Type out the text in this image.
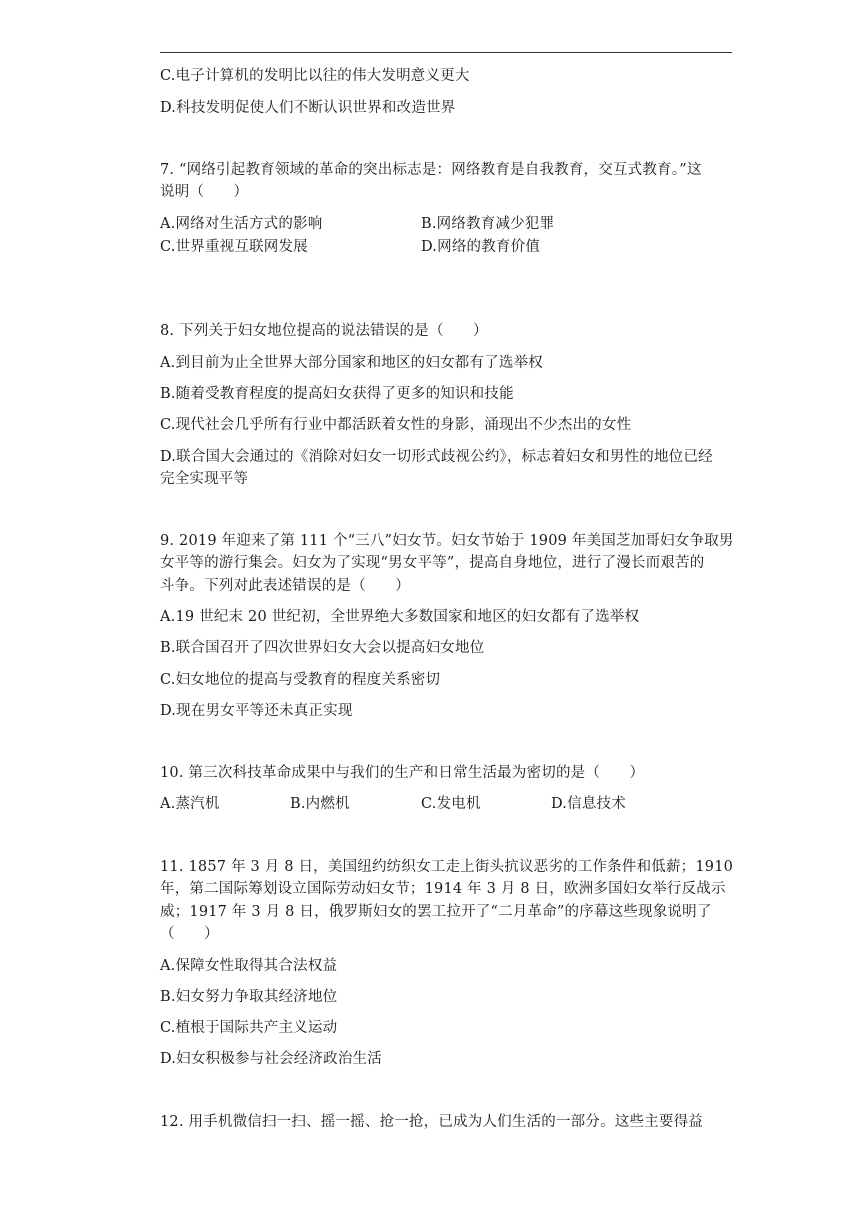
C.电子计算机的发明比以往的伟大发明意义更大
D.科技发明促使人们不断认识世界和改造世界
7. “网络引起教育领域的革命的突出标志是：网络教育是自我教育，交互式教育。”这
说明（　　）
A.网络对生活方式的影响	B.网络教育减少犯罪
C.世界重视互联网发展	D.网络的教育价值
8. 下列关于妇女地位提高的说法错误的是（　　）
A.到目前为止全世界大部分国家和地区的妇女都有了选举权
B.随着受教育程度的提高妇女获得了更多的知识和技能
C.现代社会几乎所有行业中都活跃着女性的身影，涌现出不少杰出的女性
D.联合国大会通过的《消除对妇女一切形式歧视公约》，标志着妇女和男性的地位已经
完全实现平等
9. 2019 年迎来了第 111 个“三八”妇女节。妇女节始于 1909 年美国芝加哥妇女争取男
女平等的游行集会。妇女为了实现“男女平等”，提高自身地位，进行了漫长而艰苦的
斗争。下列对此表述错误的是（　　）
A.19 世纪末 20 世纪初，全世界绝大多数国家和地区的妇女都有了选举权
B.联合国召开了四次世界妇女大会以提高妇女地位
C.妇女地位的提高与受教育的程度关系密切
D.现在男女平等还未真正实现
10. 第三次科技革命成果中与我们的生产和日常生活最为密切的是（　　）
A.蒸汽机	B.内燃机	C.发电机	D.信息技术
11. 1857 年 3 月 8 日，美国纽约纺织女工走上街头抗议恶劣的工作条件和低薪；1910
年，第二国际筹划设立国际劳动妇女节；1914 年 3 月 8 日，欧洲多国妇女举行反战示
威；1917 年 3 月 8 日，俄罗斯妇女的罢工拉开了“二月革命”的序幕这些现象说明了
（　　）
A.保障女性取得其合法权益
B.妇女努力争取其经济地位
C.植根于国际共产主义运动
D.妇女积极参与社会经济政治生活
12. 用手机微信扫一扫、摇一摇、抢一抢，已成为人们生活的一部分。这些主要得益
